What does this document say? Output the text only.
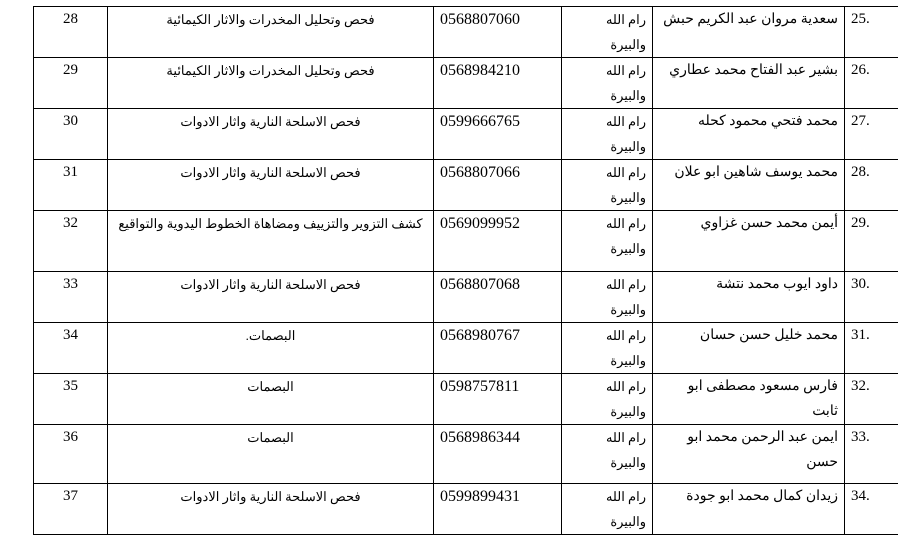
25.	سعدية مروان عبد الكريم حبش	رام الله والبيرة	0568807060	فحص وتحليل المخدرات والاثار الكيمائية	28
26.	بشير عبد الفتاح محمد عطاري	رام الله والبيرة	0568984210	فحص وتحليل المخدرات والاثار الكيمائية	29
27.	محمد فتحي محمود كحله	رام الله والبيرة	0599666765	فحص الاسلحة النارية واثار الادوات	30
28.	محمد يوسف شاهين ابو علان	رام الله والبيرة	0568807066	فحص الاسلحة النارية واثار الادوات	31
29.	أيمن محمد حسن غزاوي	رام الله والبيرة	0569099952	كشف التزوير والتزييف ومضاهاة الخطوط اليدوية والتواقيع	32
30.	داود ايوب محمد نتشة	رام الله والبيرة	0568807068	فحص الاسلحة النارية واثار الادوات	33
31.	محمد خليل حسن حسان	رام الله والبيرة	0568980767	البصمات.	34
32.	فارس مسعود مصطفى ابو ثابت	رام الله والبيرة	0598757811	البصمات	35
33.	ايمن عبد الرحمن محمد ابو حسن	رام الله والبيرة	0568986344	البصمات	36
34.	زيدان كمال محمد ابو جودة	رام الله والبيرة	0599899431	فحص الاسلحة النارية واثار الادوات	37
